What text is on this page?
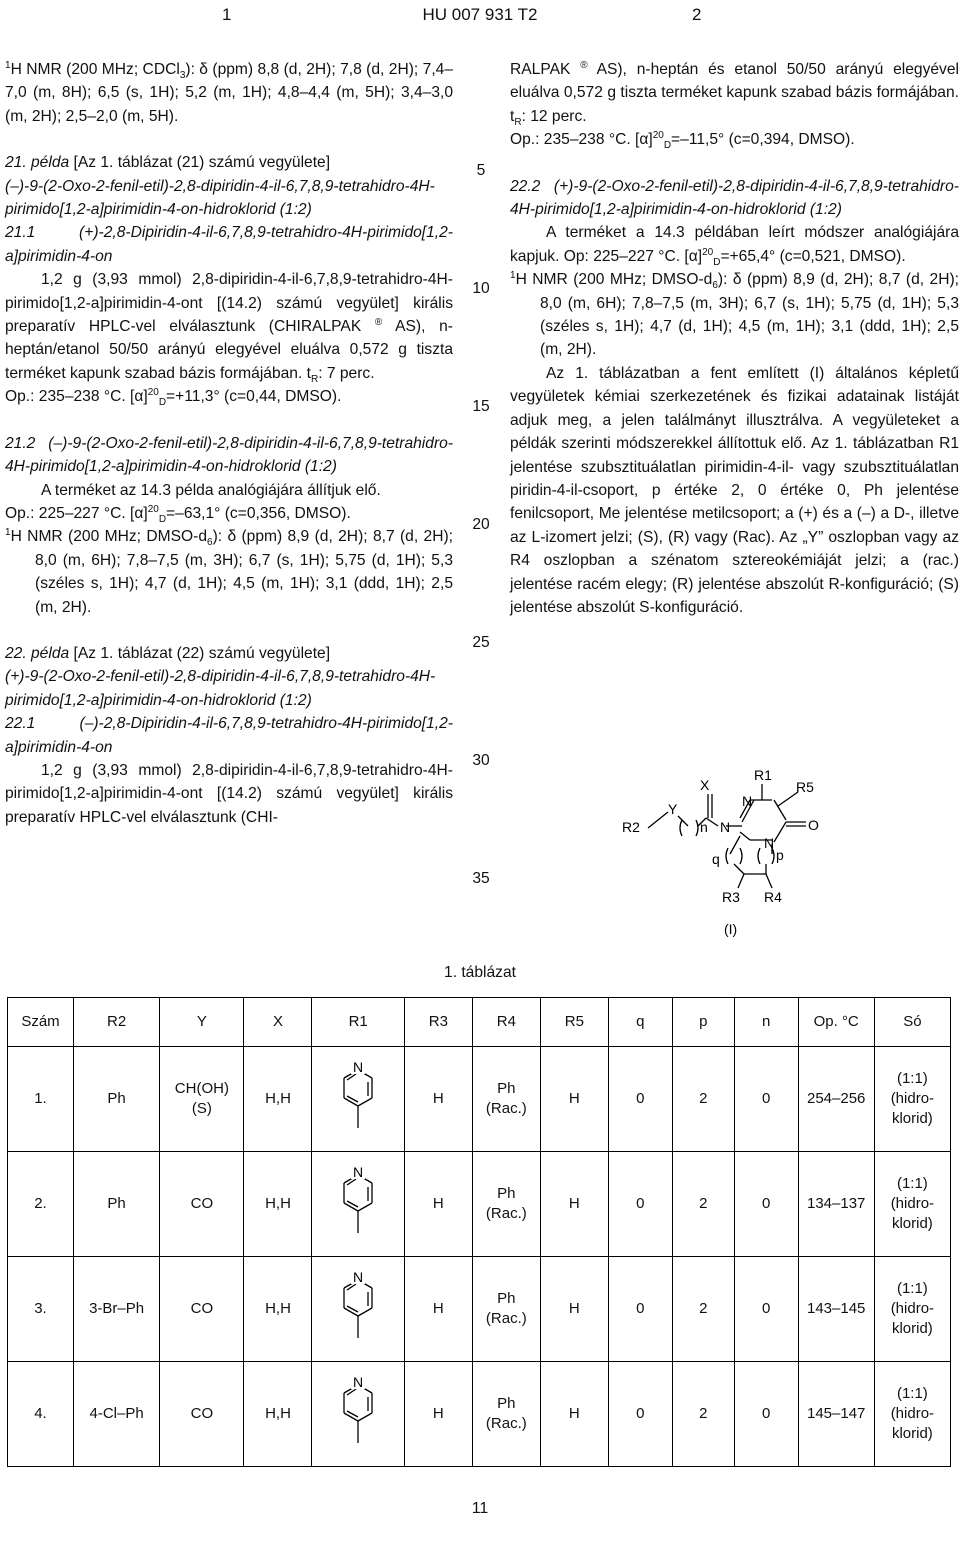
1	HU 007 931 T2	2
$^1$H NMR (200 MHz; CDCl$_3$): δ (ppm) 8,8 (d, 2H); 7,8 (d, 2H); 7,4–7,0 (m, 8H); 6,5 (s, 1H); 5,2 (m, 1H); 4,8–4,4 (m, 5H); 3,4–3,0 (m, 2H); 2,5–2,0 (m, 5H).
21. példa [Az 1. táblázat (21) számú vegyülete]
(–)-9-(2-Oxo-2-fenil-etil)-2,8-dipiridin-4-il-6,7,8,9-tetrahidro-4H-pirimido[1,2-a]pirimidin-4-on-hidroklorid (1:2)
21.1 (+)-2,8-Dipiridin-4-il-6,7,8,9-tetrahidro-4H-pirimido[1,2-a]pirimidin-4-on
1,2 g (3,93 mmol) 2,8-dipiridin-4-il-6,7,8,9-tetrahidro-4H-pirimido[1,2-a]pirimidin-4-ont [(14.2) számú vegyület] királis preparatív HPLC-vel elválasztunk (CHIRALPAK ® AS), n-heptán/etanol 50/50 arányú elegyével eluálva 0,572 g tiszta terméket kapunk szabad bázis formájában. $t_R$: 7 perc.
Op.: 235–238 °C. $[\alpha]^{20}_D=+11,3^\circ$ (c=0,44, DMSO).
21.2 (–)-9-(2-Oxo-2-fenil-etil)-2,8-dipiridin-4-il-6,7,8,9-tetrahidro-4H-pirimido[1,2-a]pirimidin-4-on-hidroklorid (1:2)
A terméket az 14.3 példa analógiájára állítjuk elő.
Op.: 225–227 °C. $[\alpha]^{20}_D=-63,1^\circ$ (c=0,356, DMSO).
$^1$H NMR (200 MHz; DMSO-$d_6$): δ (ppm) 8,9 (d, 2H); 8,7 (d, 2H); 8,0 (m, 6H); 7,8–7,5 (m, 3H); 6,7 (s, 1H); 5,75 (d, 1H); 5,3 (széles s, 1H); 4,7 (d, 1H); 4,5 (m, 1H); 3,1 (ddd, 1H); 2,5 (m, 2H).
22. példa [Az 1. táblázat (22) számú vegyülete]
(+)-9-(2-Oxo-2-fenil-etil)-2,8-dipiridin-4-il-6,7,8,9-tetrahidro-4H-pirimido[1,2-a]pirimidin-4-on-hidroklorid (1:2)
22.1 (–)-2,8-Dipiridin-4-il-6,7,8,9-tetrahidro-4H-pirimido[1,2-a]pirimidin-4-on
1,2 g (3,93 mmol) 2,8-dipiridin-4-il-6,7,8,9-tetrahidro-4H-pirimido[1,2-a]pirimidin-4-ont [(14.2) számú vegyület] királis preparatív HPLC-vel elválasztunk (CHI-
RALPAK ® AS), n-heptán és etanol 50/50 arányú elegyével eluálva 0,572 g tiszta terméket kapunk szabad bázis formájában. $t_R$: 12 perc.
Op.: 235–238 °C. $[\alpha]^{20}_D=-11,5^\circ$ (c=0,394, DMSO).
22.2 (+)-9-(2-Oxo-2-fenil-etil)-2,8-dipiridin-4-il-6,7,8,9-tetrahidro-4H-pirimido[1,2-a]pirimidin-4-on-hidroklorid (1:2)
A terméket a 14.3 példában leírt módszer analógiájára kapjuk. Op: 225–227 °C. $[\alpha]^{20}_D=+65,4^\circ$ (c=0,521, DMSO).
$^1$H NMR (200 MHz; DMSO-$d_6$): δ (ppm) 8,9 (d, 2H); 8,7 (d, 2H); 8,0 (m, 6H); 7,8–7,5 (m, 3H); 6,7 (s, 1H); 5,75 (d, 1H); 5,3 (széles s, 1H); 4,7 (d, 1H); 4,5 (m, 1H); 3,1 (ddd, 1H); 2,5 (m, 2H).
Az 1. táblázatban a fent említett (I) általános képletű vegyületek kémiai szerkezetének és fizikai adatainak listáját adjuk meg, a jelen találmányt illusztrálva. A vegyületeket a példák szerinti módszerekkel állítottuk elő. Az 1. táblázatban R1 jelentése szubsztituálatlan pirimidin-4-il- vagy szubsztituálatlan piridin-4-il-csoport, p értéke 2, 0 értéke 0, Ph jelentése fenilcsoport, Me jelentése metilcsoport; a (+) és a (–) a D-, illetve az L-izomert jelzi; (S), (R) vagy (Rac). Az „Y” oszlopban vagy az R4 oszlopban a szénatom sztereokémiáját jelzi; a (rac.) jelentése racém elegy; (R) jelentése abszolút R-konfiguráció; (S) jelentése abszolút S-konfiguráció.
5
10
15
20
25
30
35
R1
R5
X
Y
R2	n N	O
N
N
q	p
R3 R4
(I)
1. táblázat
Szám	R2	Y	X	R1	R3	R4	R5	q	p	n	Op. °C	Só
1.	Ph	CH(OH)
(S)	H,H	N	H	Ph
(Rac.)	H	0	2	0	254–256	(1:1)
(hidro-
klorid)
2.	Ph	CO	H,H	N	H	Ph
(Rac.)	H	0	2	0	134–137	(1:1)
(hidro-
klorid)
3.	3-Br–Ph	CO	H,H	N	H	Ph
(Rac.)	H	0	2	0	143–145	(1:1)
(hidro-
klorid)
4.	4-Cl–Ph	CO	H,H	N	H	Ph
(Rac.)	H	0	2	0	145–147	(1:1)
(hidro-
klorid)
11
